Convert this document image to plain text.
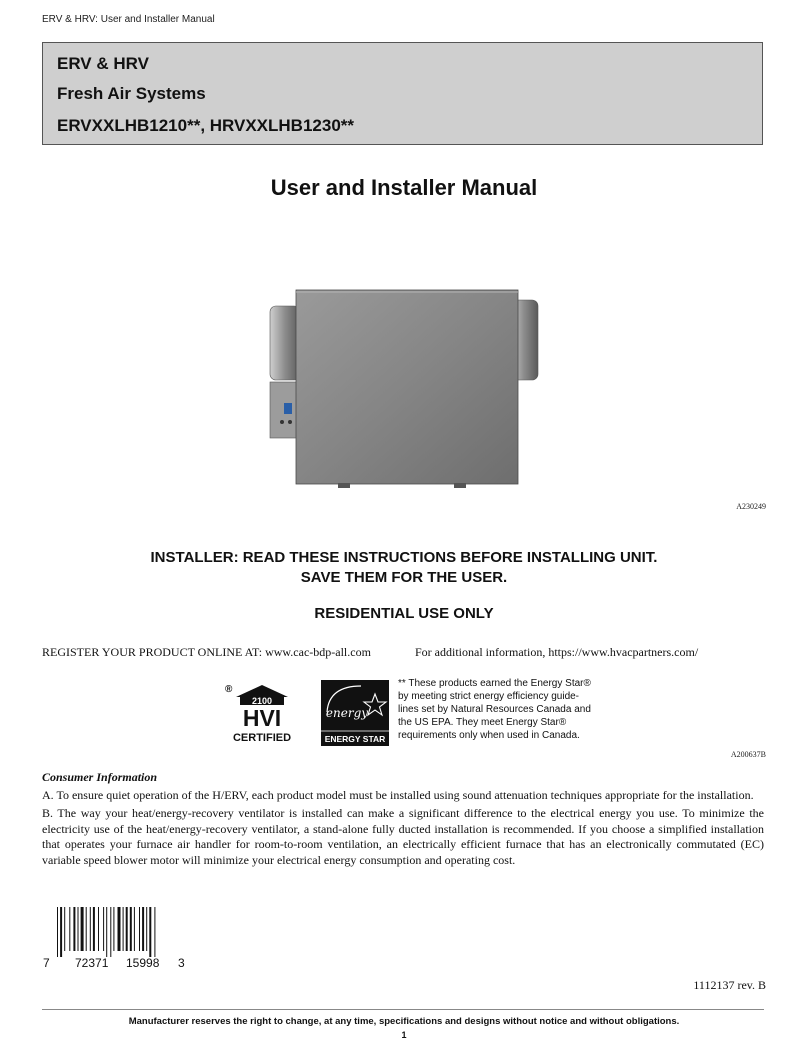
ERV & HRV: User and Installer Manual
ERV & HRV
Fresh Air Systems
ERVXXLHB1210**, HRVXXLHB1230**
User and Installer Manual
A230249
INSTALLER: READ THESE INSTRUCTIONS BEFORE INSTALLING UNIT.
SAVE THEM FOR THE USER.
RESIDENTIAL USE ONLY
REGISTER YOUR PRODUCT ONLINE AT: www.cac-bdp-all.com	For additional information, https://www.hvacpartners.com/
2100
®
HVI
CERTIFIED
energy
ENERGY STAR
** These products earned the Energy Star®
by meeting strict energy efficiency guide-
lines set by Natural Resources Canada and
the US EPA. They meet Energy Star®
requirements only when used in Canada.
A200637B
Consumer Information
A. To ensure quiet operation of the H/ERV, each product model must be installed using sound attenuation techniques appropriate for the installation.
B. The way your heat/energy-recovery ventilator is installed can make a significant difference to the electrical energy you use. To minimize the electricity use of the heat/energy-recovery ventilator, a stand-alone fully ducted installation is recommended. If you choose a simplified installation that operates your furnace air handler for room-to-room ventilation, an electrically efficient furnace that has an electronically commutated (EC) variable speed blower motor will minimize your electrical energy consumption and operating cost.
7 72371 15998 3
1112137 rev. B
Manufacturer reserves the right to change, at any time, specifications and designs without notice and without obligations.
1
